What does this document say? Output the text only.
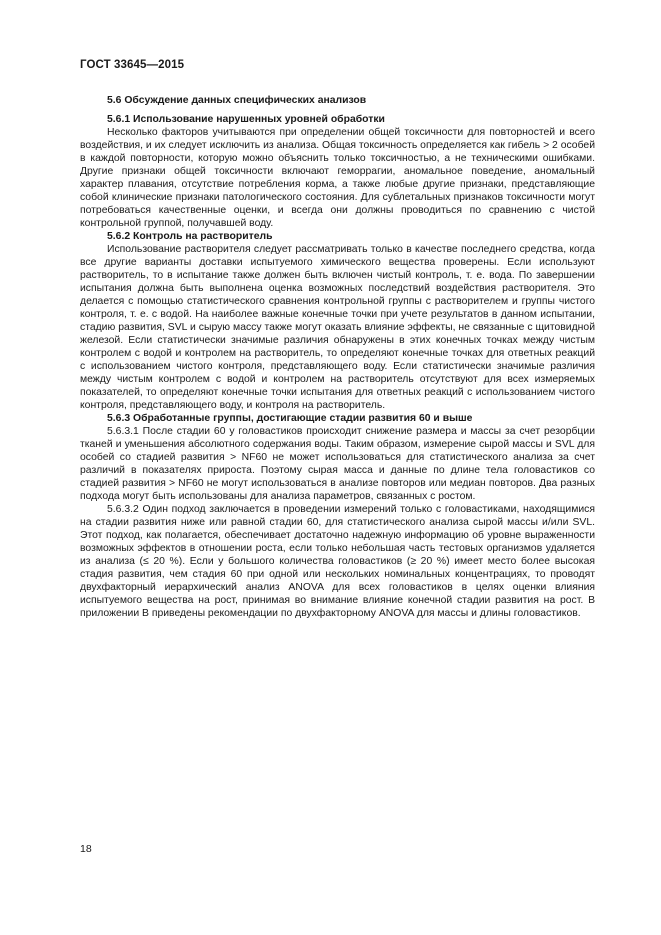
ГОСТ 33645—2015
5.6 Обсуждение данных специфических анализов
5.6.1 Использование нарушенных уровней обработки

Несколько факторов учитываются при определении общей токсичности для повторностей и всего воздействия, и их следует исключить из анализа. Общая токсичность определяется как гибель > 2 особей в каждой повторности, которую можно объяснить только токсичностью, а не техническими ошибками. Другие признаки общей токсичности включают геморрагии, аномальное поведение, аномальный характер плавания, отсутствие потребления корма, а также любые другие признаки, представляющие собой клинические признаки патологического состояния. Для сублетальных признаков токсичности могут потребоваться качественные оценки, и всегда они должны проводиться по сравнению с чистой контрольной группой, получавшей воду.

5.6.2 Контроль на растворитель

Использование растворителя следует рассматривать только в качестве последнего средства, когда все другие варианты доставки испытуемого химического вещества проверены. Если используют растворитель, то в испытание также должен быть включен чистый контроль, т. е. вода. По завершении испытания должна быть выполнена оценка возможных последствий воздействия растворителя. Это делается с помощью статистического сравнения контрольной группы с растворителем и группы чистого контроля, т. е. с водой. На наиболее важные конечные точки при учете результатов в данном испытании, стадию развития, SVL и сырую массу также могут оказать влияние эффекты, не связанные с щитовидной железой. Если статистически значимые различия обнаружены в этих конечных точках между чистым контролем с водой и контролем на растворитель, то определяют конечные точках для ответных реакций с использованием чистого контроля, представляющего воду. Если статистически значимые различия между чистым контролем с водой и контролем на растворитель отсутствуют для всех измеряемых показателей, то определяют конечные точки испытания для ответных реакций с использованием чистого контроля, представляющего воду, и контроля на растворитель.

5.6.3 Обработанные группы, достигающие стадии развития 60 и выше

5.6.3.1 После стадии 60 у головастиков происходит снижение размера и массы за счет резорбции тканей и уменьшения абсолютного содержания воды. Таким образом, измерение сырой массы и SVL для особей со стадией развития > NF60 не может использоваться для статистического анализа за счет различий в показателях прироста. Поэтому сырая масса и данные по длине тела головастиков со стадией развития > NF60 не могут использоваться в анализе повторов или медиан повторов. Два разных подхода могут быть использованы для анализа параметров, связанных с ростом.

5.6.3.2 Один подход заключается в проведении измерений только с головастиками, находящимися на стадии развития ниже или равной стадии 60, для статистического анализа сырой массы и/или SVL. Этот подход, как полагается, обеспечивает достаточно надежную информацию об уровне выраженности возможных эффектов в отношении роста, если только небольшая часть тестовых организмов удаляется из анализа (≤ 20 %). Если у большого количества головастиков (≥ 20 %) имеет место более высокая стадия развития, чем стадия 60 при одной или нескольких номинальных концентрациях, то проводят двухфакторный иерархический анализ ANOVA для всех головастиков в целях оценки влияния испытуемого вещества на рост, принимая во внимание влияние конечной стадии развития на рост. В приложении В приведены рекомендации по двухфакторному ANOVA для массы и длины головастиков.

18
